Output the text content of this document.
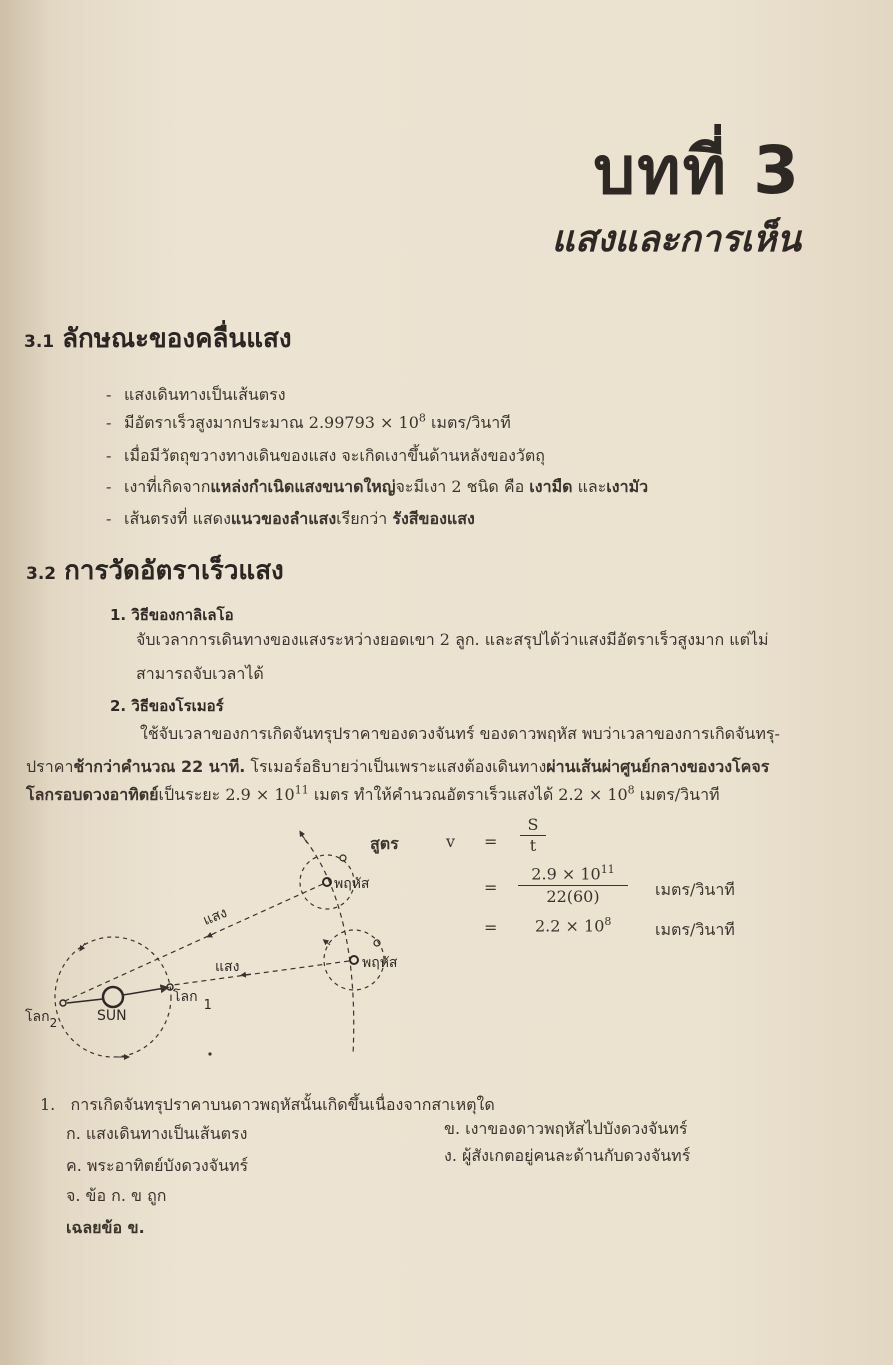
บทที่ 3
แสงและการเห็น
3.1 ลักษณะของคลื่นแสง
- แสงเดินทางเป็นเส้นตรง
- มีอัตราเร็วสูงมากประมาณ $2.99793 \times 10^8$ เมตร/วินาที
- เมื่อมีวัตถุขวางทางเดินของแสง จะเกิดเงาขึ้นด้านหลังของวัตถุ
- เงาที่เกิดจากแหล่งกำเนิดแสงขนาดใหญ่จะมีเงา 2 ชนิด คือ เงามืด และเงามัว
- เส้นตรงที่ แสดงแนวของลำแสงเรียกว่า รังสีของแสง
3.2 การวัดอัตราเร็วแสง
1. วิธีของกาลิเลโอ
จับเวลาการเดินทางของแสงระหว่างยอดเขา 2 ลูก. และสรุปได้ว่าแสงมีอัตราเร็วสูงมาก แต่ไม่
สามารถจับเวลาได้
2. วิธีของโรเมอร์
ใช้จับเวลาของการเกิดจันทรุปราคาของดวงจันทร์ ของดาวพฤหัส พบว่าเวลาของการเกิดจันทรุ-
ปราคาช้ากว่าคำนวณ 22 นาที. โรเมอร์อธิบายว่าเป็นเพราะแสงต้องเดินทางผ่านเส้นผ่าศูนย์กลางของวงโคจร
โลกรอบดวงอาทิตย์เป็นระยะ $2.9 \times 10^{11}$ เมตร ทำให้คำนวณอัตราเร็วแสงได้ $2.2 \times 10^8$ เมตร/วินาที
สูตร	v =
S
t
=
$2.9 \times 10^{11}$
22(60)	เมตร/วินาที
= $2.2 \times 10^8$	เมตร/วินาที
พฤหัส
พฤหัส
แสง
แสง
SUN
โลก1
โลก2
1. การเกิดจันทรุปราคาบนดาวพฤหัสนั้นเกิดขึ้นเนื่องจากสาเหตุใด
ก. แสงเดินทางเป็นเส้นตรง	ข. เงาของดาวพฤหัสไปบังดวงจันทร์
ค. พระอาทิตย์บังดวงจันทร์
ง. ผู้สังเกตอยู่คนละด้านกับดวงจันทร์
จ. ข้อ ก. ข ถูก
เฉลยข้อ ข.
